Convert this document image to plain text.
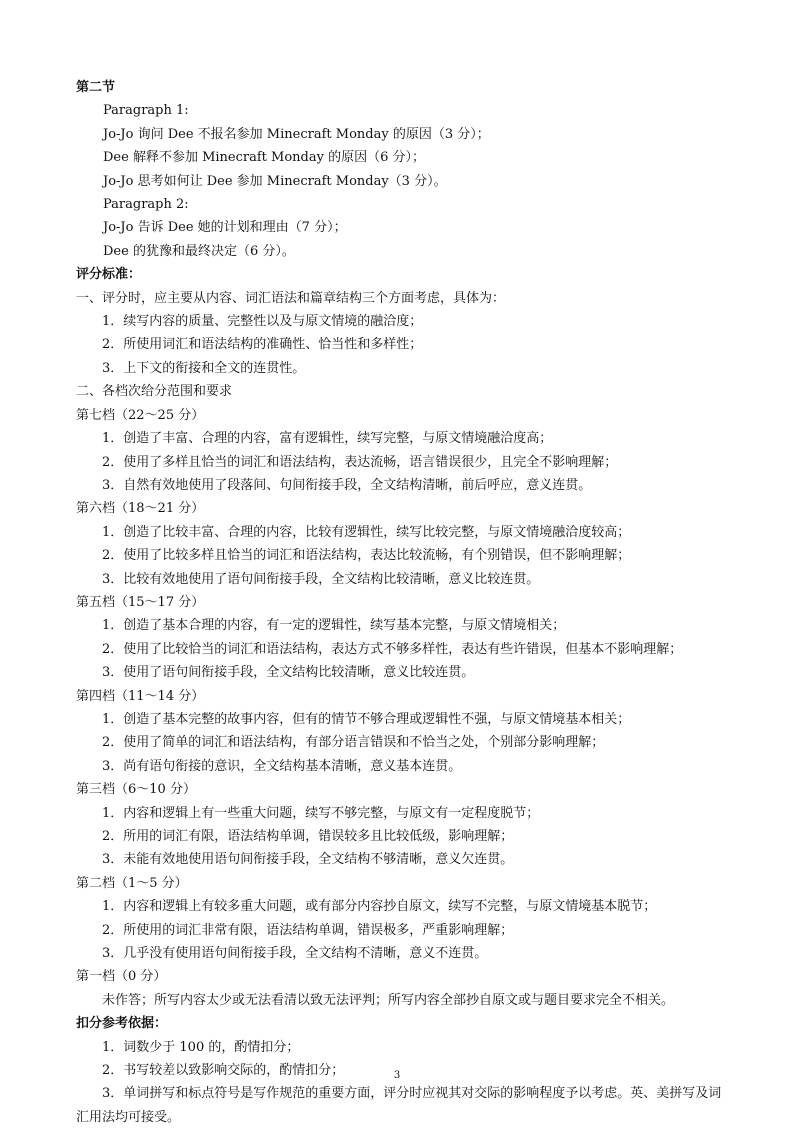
第二节
Paragraph 1:
Jo-Jo 询问 Dee 不报名参加 Minecraft Monday 的原因（3 分）；
Dee 解释不参加 Minecraft Monday 的原因（6 分）；
Jo-Jo 思考如何让 Dee 参加 Minecraft Monday（3 分）。
Paragraph 2:
Jo-Jo 告诉 Dee 她的计划和理由（7 分）；
Dee 的犹豫和最终决定（6 分）。
评分标准：
一、评分时，应主要从内容、词汇语法和篇章结构三个方面考虑，具体为：
1．续写内容的质量、完整性以及与原文情境的融洽度；
2．所使用词汇和语法结构的准确性、恰当性和多样性；
3．上下文的衔接和全文的连贯性。
二、各档次给分范围和要求
第七档（22～25 分）
1．创造了丰富、合理的内容，富有逻辑性，续写完整，与原文情境融洽度高；
2．使用了多样且恰当的词汇和语法结构，表达流畅，语言错误很少，且完全不影响理解；
3．自然有效地使用了段落间、句间衔接手段，全文结构清晰，前后呼应，意义连贯。
第六档（18～21 分）
1．创造了比较丰富、合理的内容，比较有逻辑性，续写比较完整，与原文情境融洽度较高；
2．使用了比较多样且恰当的词汇和语法结构，表达比较流畅，有个别错误，但不影响理解；
3．比较有效地使用了语句间衔接手段，全文结构比较清晰，意义比较连贯。
第五档（15～17 分）
1．创造了基本合理的内容，有一定的逻辑性，续写基本完整，与原文情境相关；
2．使用了比较恰当的词汇和语法结构，表达方式不够多样性，表达有些许错误，但基本不影响理解；
3．使用了语句间衔接手段，全文结构比较清晰，意义比较连贯。
第四档（11～14 分）
1．创造了基本完整的故事内容，但有的情节不够合理或逻辑性不强，与原文情境基本相关；
2．使用了简单的词汇和语法结构，有部分语言错误和不恰当之处，个别部分影响理解；
3．尚有语句衔接的意识，全文结构基本清晰，意义基本连贯。
第三档（6～10 分）
1．内容和逻辑上有一些重大问题，续写不够完整，与原文有一定程度脱节；
2．所用的词汇有限，语法结构单调，错误较多且比较低级，影响理解；
3．未能有效地使用语句间衔接手段，全文结构不够清晰，意义欠连贯。
第二档（1～5 分）
1．内容和逻辑上有较多重大问题，或有部分内容抄自原文，续写不完整，与原文情境基本脱节；
2．所使用的词汇非常有限，语法结构单调，错误极多，严重影响理解；
3．几乎没有使用语句间衔接手段，全文结构不清晰，意义不连贯。
第一档（0 分）
未作答；所写内容太少或无法看清以致无法评判；所写内容全部抄自原文或与题目要求完全不相关。
扣分参考依据：
1．词数少于 100 的，酌情扣分；
2．书写较差以致影响交际的，酌情扣分；
3．单词拼写和标点符号是写作规范的重要方面，评分时应视其对交际的影响程度予以考虑。英、美拼写及词汇用法均可接受。
3
